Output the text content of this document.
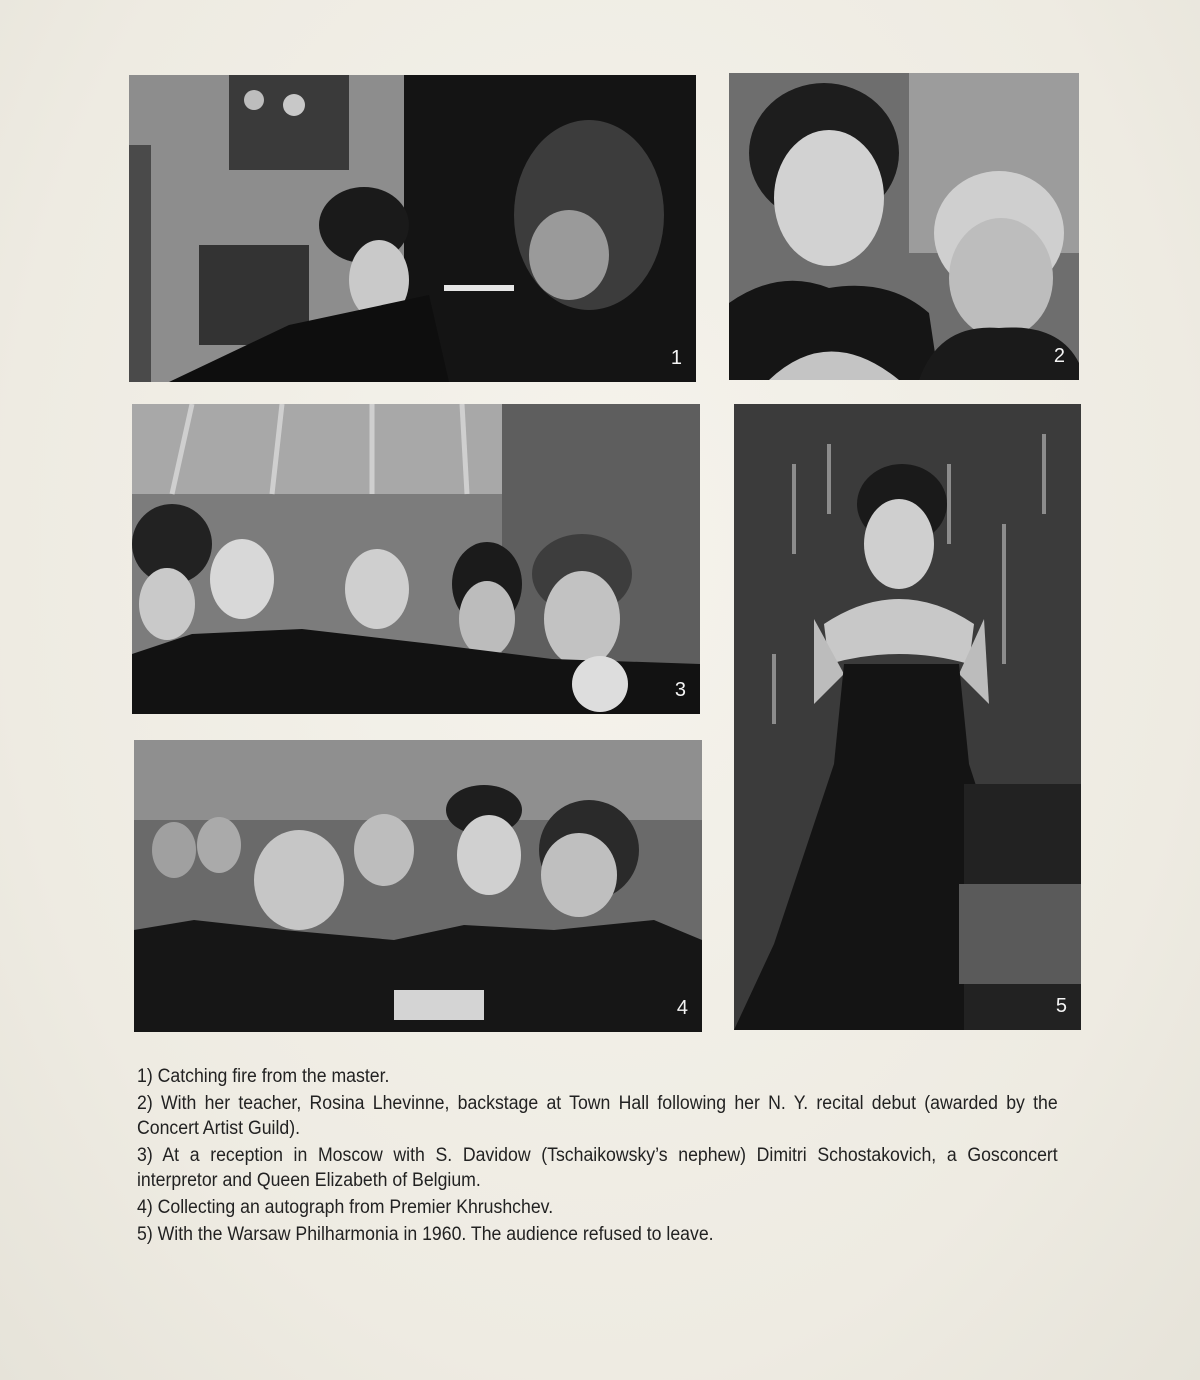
1	2
3
4	5

1) Catching fire from the master.

2) With her teacher, Rosina Lhevinne, backstage at Town Hall following her N. Y. recital debut (awarded by the Concert Artist Guild).

3) At a reception in Moscow with S. Davidow (Tschaikowsky’s nephew) Dimitri Schostakovich, a Gosconcert interpretor and Queen Elizabeth of Belgium.

4) Collecting an autograph from Premier Khrushchev.

5) With the Warsaw Philharmonia in 1960. The audience refused to leave.
